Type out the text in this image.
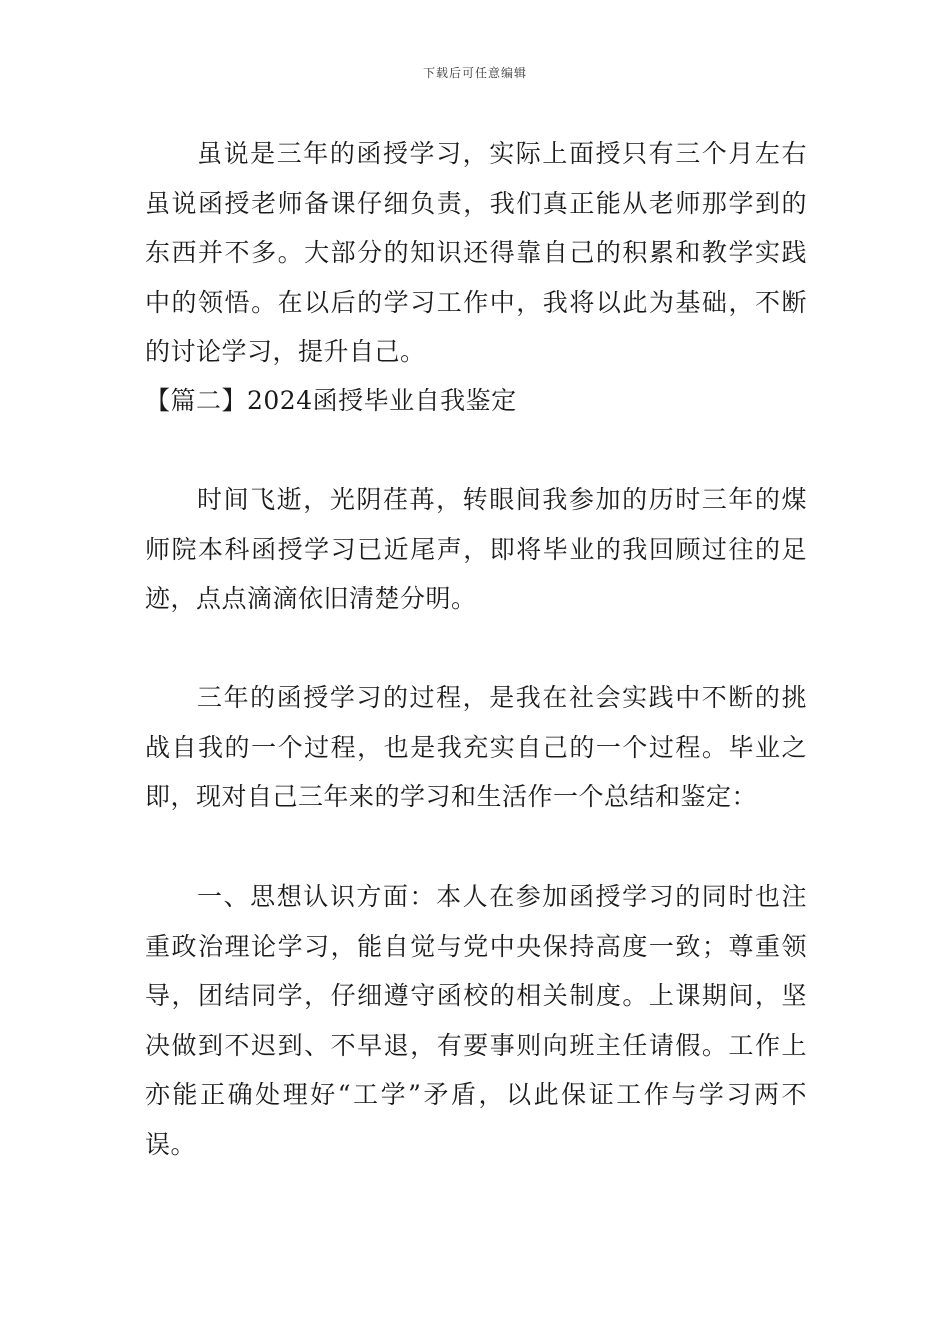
下载后可任意编辑

虽说是三年的函授学习，实际上面授只有三个月左右虽说函授老师备课仔细负责，我们真正能从老师那学到的东西并不多。大部分的知识还得靠自己的积累和教学实践中的领悟。在以后的学习工作中，我将以此为基础，不断的讨论学习，提升自己。

【篇二】2024函授毕业自我鉴定

时间飞逝，光阴荏苒，转眼间我参加的历时三年的煤师院本科函授学习已近尾声，即将毕业的我回顾过往的足迹，点点滴滴依旧清楚分明。

三年的函授学习的过程，是我在社会实践中不断的挑战自我的一个过程，也是我充实自己的一个过程。毕业之即，现对自己三年来的学习和生活作一个总结和鉴定：

一、思想认识方面：本人在参加函授学习的同时也注重政治理论学习，能自觉与党中央保持高度一致；尊重领导，团结同学，仔细遵守函校的相关制度。上课期间，坚决做到不迟到、不早退，有要事则向班主任请假。工作上亦能正确处理好“工学”矛盾，以此保证工作与学习两不误。
